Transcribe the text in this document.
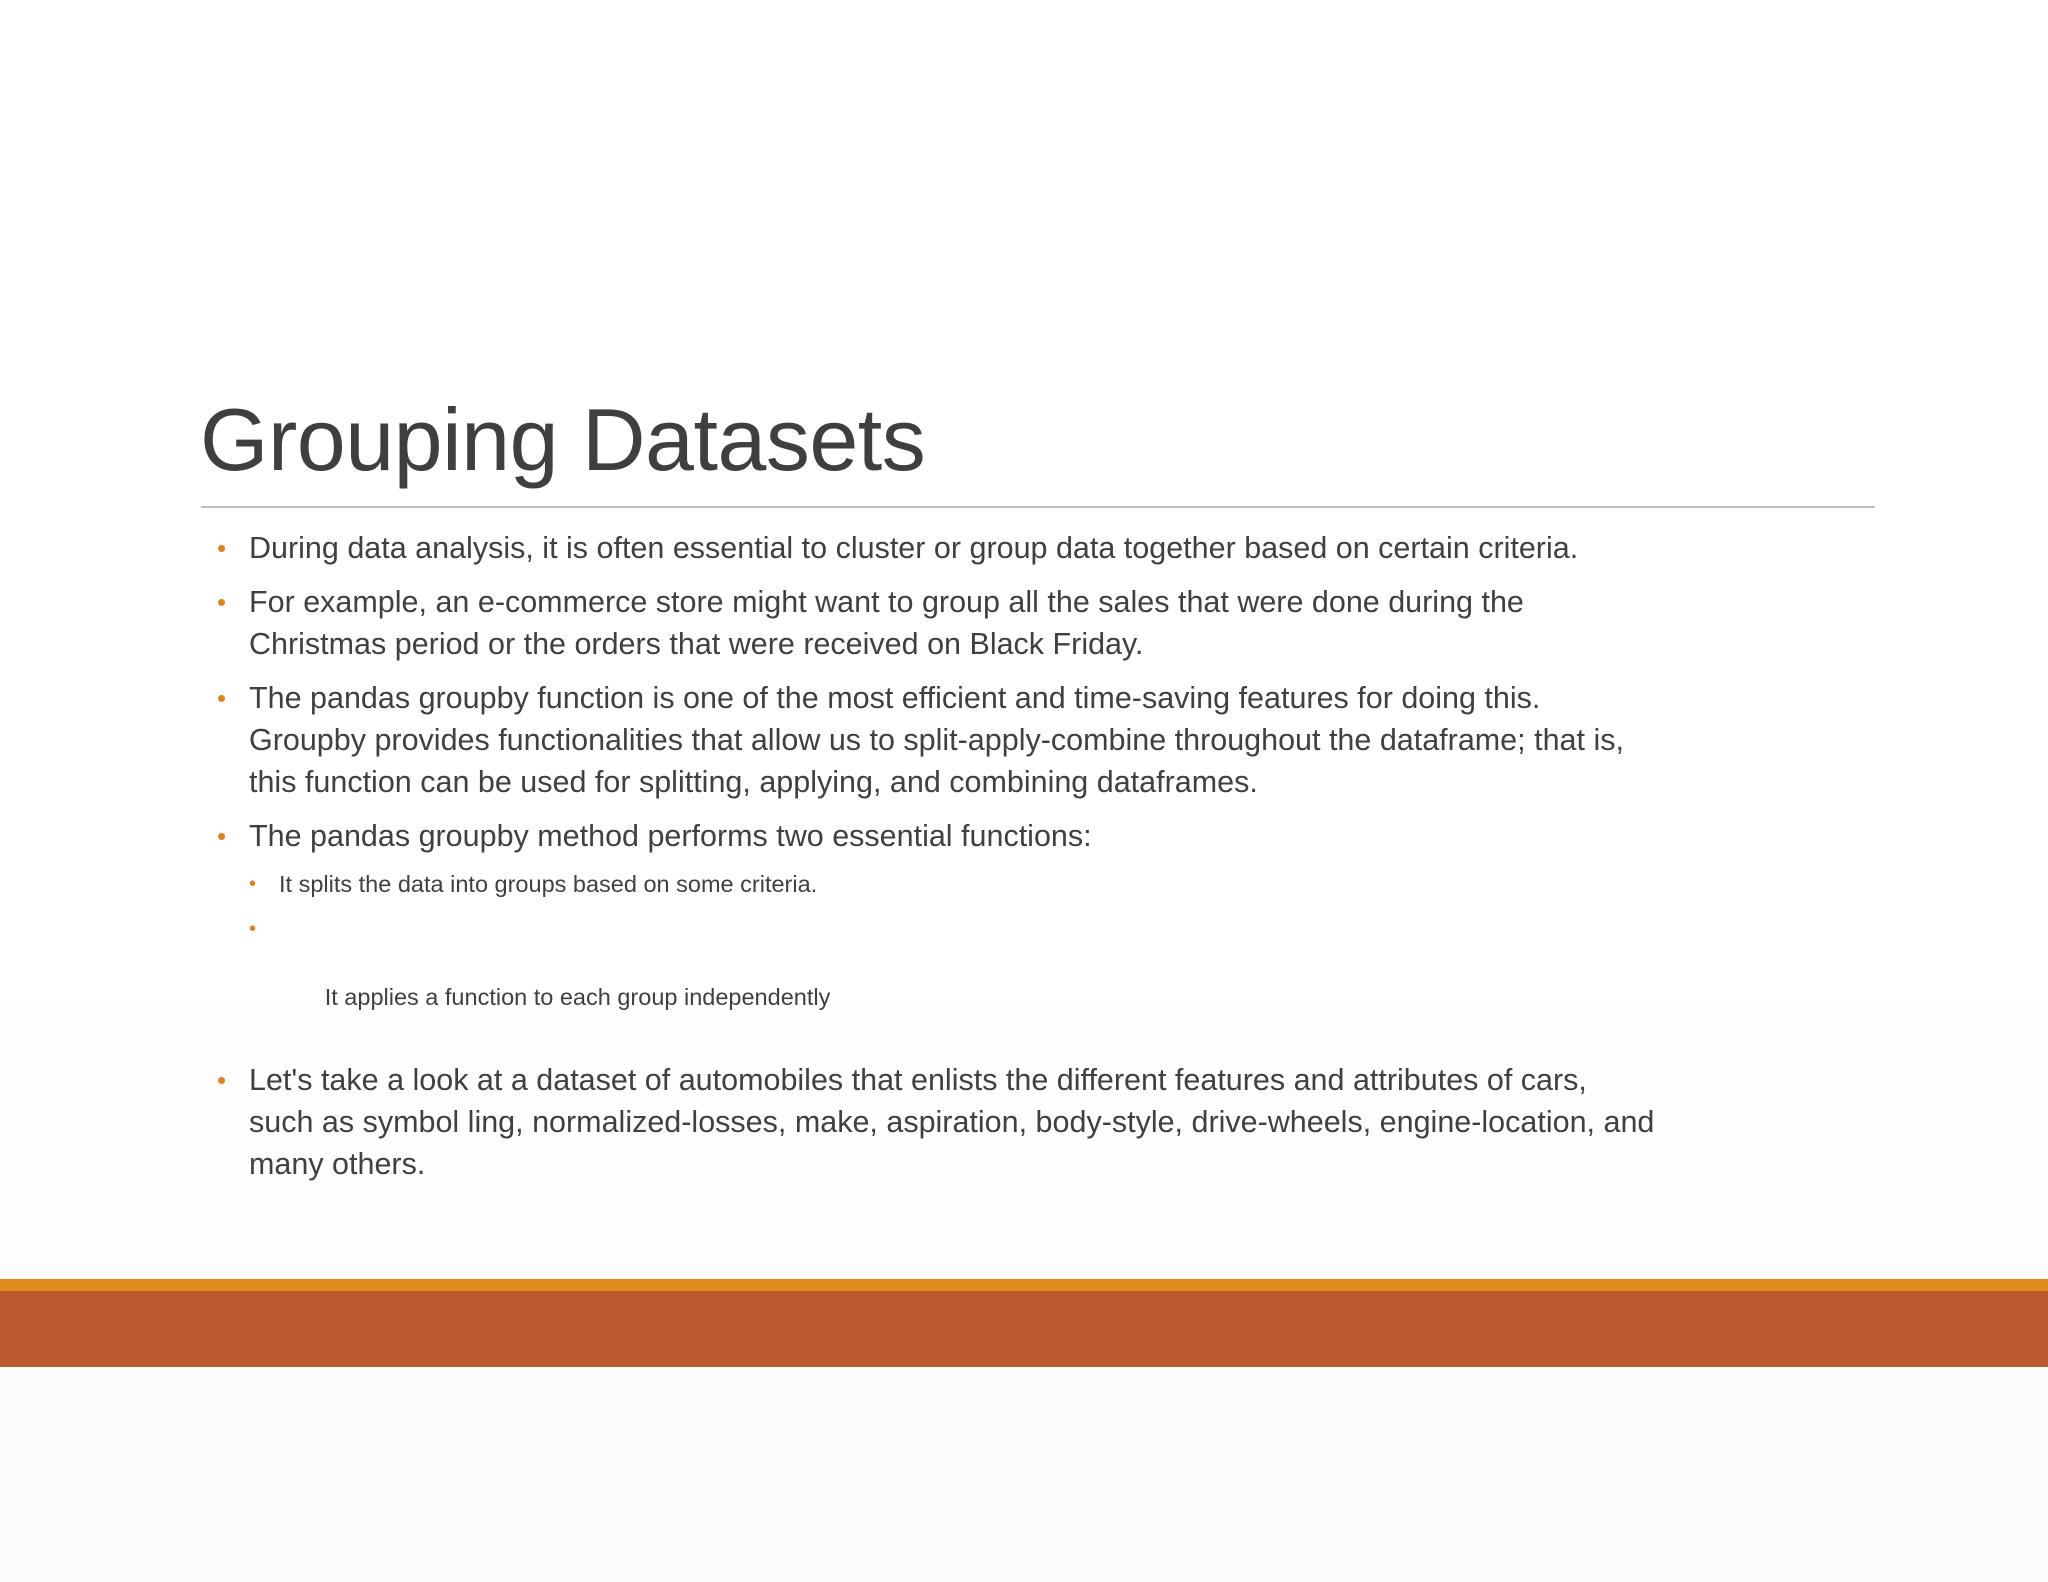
Grouping Datasets
• During data analysis, it is often essential to cluster or group data together based on certain criteria.
• For example, an e-commerce store might want to group all the sales that were done during the
Christmas period or the orders that were received on Black Friday.
• The pandas groupby function is one of the most efficient and time-saving features for doing this.
Groupby provides functionalities that allow us to split-apply-combine throughout the dataframe; that is,
this function can be used for splitting, applying, and combining dataframes.
• The pandas groupby method performs two essential functions:
• It splits the data into groups based on some criteria.

•

It applies a function to each group independently

• Let's take a look at a dataset of automobiles that enlists the different features and attributes of cars,
such as symbol ling, normalized-losses, make, aspiration, body-style, drive-wheels, engine-location, and
many others.
